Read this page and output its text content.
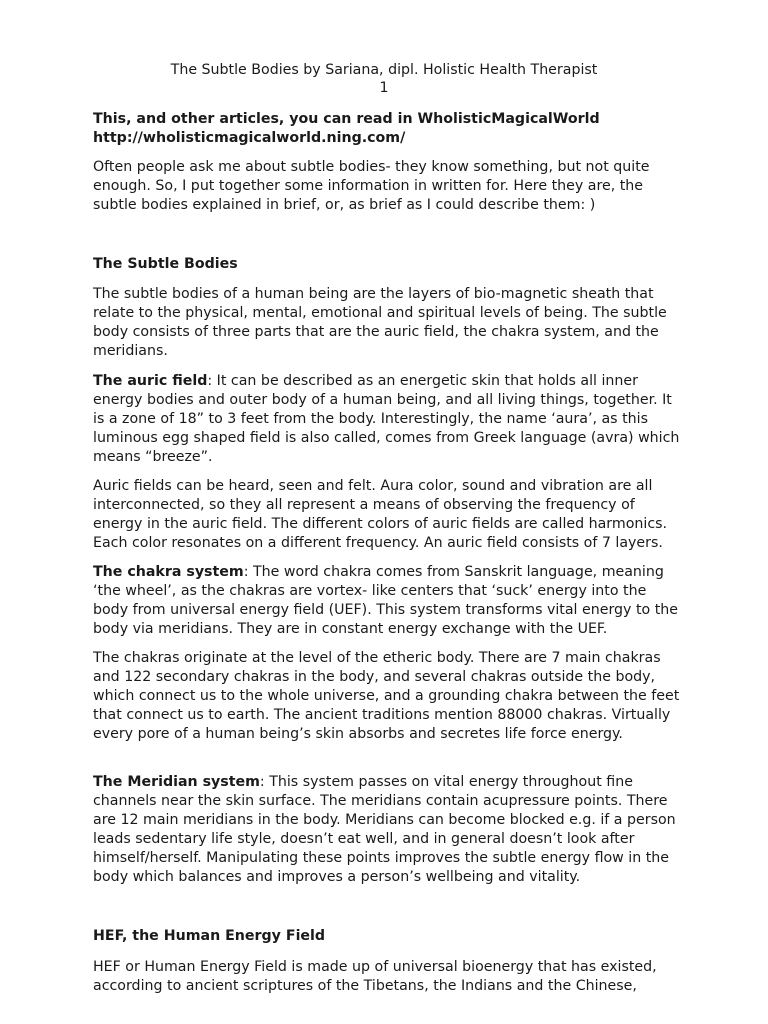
The Subtle Bodies by Sariana, dipl. Holistic Health Therapist
1
This, and other articles, you can read in WholisticMagicalWorld
http://wholisticmagicalworld.ning.com/

Often people ask me about subtle bodies- they know something, but not quite enough. So, I put together some information in written for. Here they are, the subtle bodies explained in brief, or, as brief as I could describe them: )

The Subtle Bodies

The subtle bodies of a human being are the layers of bio-magnetic sheath that relate to the physical, mental, emotional and spiritual levels of being. The subtle body consists of three parts that are the auric field, the chakra system, and the meridians.

The auric field: It can be described as an energetic skin that holds all inner energy bodies and outer body of a human being, and all living things, together. It is a zone of 18” to 3 feet from the body. Interestingly, the name ‘aura’, as this luminous egg shaped field is also called, comes from Greek language (avra) which means “breeze”.

Auric fields can be heard, seen and felt. Aura color, sound and vibration are all interconnected, so they all represent a means of observing the frequency of energy in the auric field. The different colors of auric fields are called harmonics. Each color resonates on a different frequency. An auric field consists of 7 layers.

The chakra system: The word chakra comes from Sanskrit language, meaning ‘the wheel’, as the chakras are vortex- like centers that ‘suck’ energy into the body from universal energy field (UEF). This system transforms vital energy to the body via meridians. They are in constant energy exchange with the UEF.

The chakras originate at the level of the etheric body. There are 7 main chakras and 122 secondary chakras in the body, and several chakras outside the body, which connect us to the whole universe, and a grounding chakra between the feet that connect us to earth. The ancient traditions mention 88000 chakras. Virtually every pore of a human being’s skin absorbs and secretes life force energy.

The Meridian system: This system passes on vital energy throughout fine channels near the skin surface. The meridians contain acupressure points. There are 12 main meridians in the body. Meridians can become blocked e.g. if a person leads sedentary life style, doesn’t eat well, and in general doesn’t look after himself/herself. Manipulating these points improves the subtle energy flow in the body which balances and improves a person’s wellbeing and vitality.

HEF, the Human Energy Field

HEF or Human Energy Field is made up of universal bioenergy that has existed, according to ancient scriptures of the Tibetans, the Indians and the Chinese,
